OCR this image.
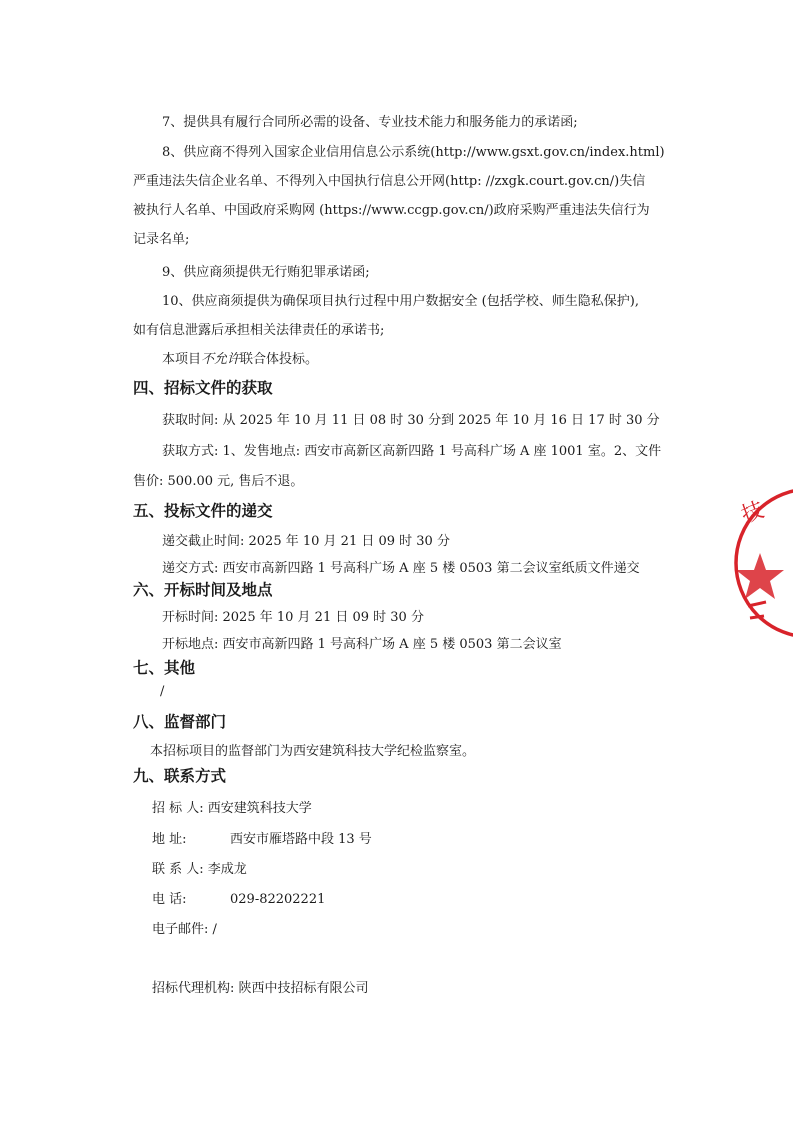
7、提供具有履行合同所必需的设备、专业技术能力和服务能力的承诺函;
8、供应商不得列入国家企业信用信息公示系统(http://www.gsxt.gov.cn/index.html)
严重违法失信企业名单、不得列入中国执行信息公开网(http: //zxgk.court.gov.cn/)失信
被执行人名单、中国政府采购网 (https://www.ccgp.gov.cn/)政府采购严重违法失信行为
记录名单;
9、供应商须提供无行贿犯罪承诺函;
10、供应商须提供为确保项目执行过程中用户数据安全 (包括学校、师生隐私保护),
如有信息泄露后承担相关法律责任的承诺书;
本项目不允许联合体投标。
四、招标文件的获取
获取时间: 从 2025 年 10 月 11 日 08 时 30 分到 2025 年 10 月 16 日 17 时 30 分
获取方式: 1、发售地点: 西安市高新区高新四路 1 号高科广场 A 座 1001 室。2、文件
售价: 500.00 元, 售后不退。
五、投标文件的递交
递交截止时间: 2025 年 10 月 21 日 09 时 30 分
递交方式: 西安市高新四路 1 号高科广场 A 座 5 楼 0503 第二会议室纸质文件递交
六、开标时间及地点
开标时间: 2025 年 10 月 21 日 09 时 30 分
开标地点: 西安市高新四路 1 号高科广场 A 座 5 楼 0503 第二会议室
七、其他
/
八、监督部门
本招标项目的监督部门为西安建筑科技大学纪检监察室。
九、联系方式
招 标 人: 西安建筑科技大学
地 址:	西安市雁塔路中段 13 号
联 系 人: 李成龙
电 话:	029-82202221
电子邮件: /
招标代理机构: 陕西中技招标有限公司
技
